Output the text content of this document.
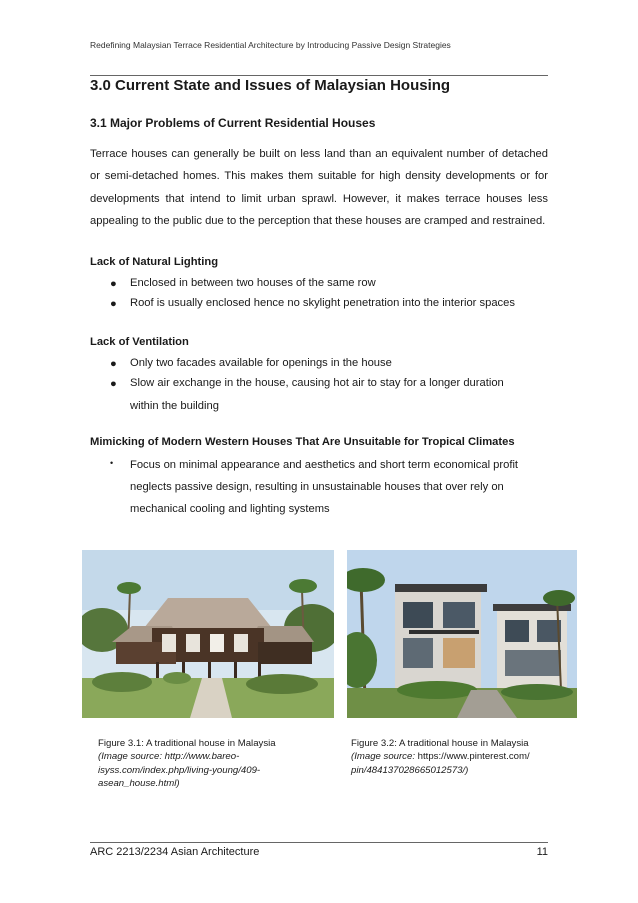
Redefining Malaysian Terrace Residential Architecture by Introducing Passive Design Strategies
3.0 Current State and Issues of Malaysian Housing
3.1 Major Problems of Current Residential Houses
Terrace houses can generally be built on less land than an equivalent number of detached or semi-detached homes. This makes them suitable for high density developments or for developments that intend to limit urban sprawl. However, it makes terrace houses less appealing to the public due to the perception that these houses are cramped and restrained.
Lack of Natural Lighting
● Enclosed in between two houses of the same row
● Roof is usually enclosed hence no skylight penetration into the interior spaces
Lack of Ventilation
● Only two facades available for openings in the house
● Slow air exchange in the house, causing hot air to stay for a longer duration
within the building
Mimicking of Modern Western Houses That Are Unsuitable for Tropical Climates
• Focus on minimal appearance and aesthetics and short term economical profit
neglects passive design, resulting in unsustainable houses that over rely on
mechanical cooling and lighting systems
Figure 3.1: A traditional house in Malaysia
(Image source: http://www.bareo-
isyss.com/index.php/living-young/409-
asean_house.html)
Figure 3.2: A traditional house in Malaysia
(Image source: https://www.pinterest.com/
pin/484137028665012573/)
ARC 2213/2234 Asian Architecture	11
